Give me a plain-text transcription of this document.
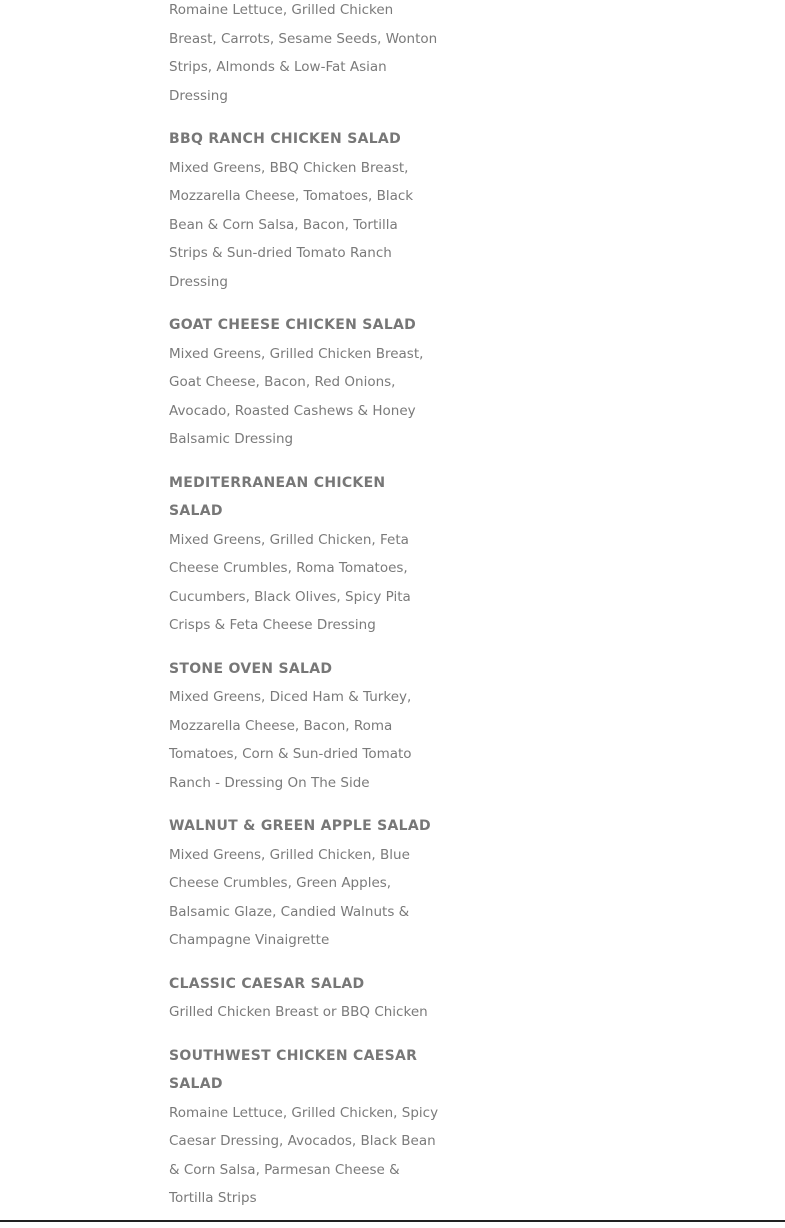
Romaine Lettuce, Grilled Chicken Breast, Carrots, Sesame Seeds, Wonton Strips, Almonds & Low-Fat Asian Dressing

BBQ RANCH CHICKEN SALAD

Mixed Greens, BBQ Chicken Breast, Mozzarella Cheese, Tomatoes, Black Bean & Corn Salsa, Bacon, Tortilla Strips & Sun-dried Tomato Ranch Dressing

GOAT CHEESE CHICKEN SALAD

Mixed Greens, Grilled Chicken Breast, Goat Cheese, Bacon, Red Onions, Avocado, Roasted Cashews & Honey Balsamic Dressing

MEDITERRANEAN CHICKEN SALAD

Mixed Greens, Grilled Chicken, Feta Cheese Crumbles, Roma Tomatoes, Cucumbers, Black Olives, Spicy Pita Crisps & Feta Cheese Dressing

STONE OVEN SALAD

Mixed Greens, Diced Ham & Turkey, Mozzarella Cheese, Bacon, Roma Tomatoes, Corn & Sun-dried Tomato Ranch - Dressing On The Side

WALNUT & GREEN APPLE SALAD

Mixed Greens, Grilled Chicken, Blue Cheese Crumbles, Green Apples, Balsamic Glaze, Candied Walnuts & Champagne Vinaigrette

CLASSIC CAESAR SALAD

Grilled Chicken Breast or BBQ Chicken

SOUTHWEST CHICKEN CAESAR SALAD

Romaine Lettuce, Grilled Chicken, Spicy Caesar Dressing, Avocados, Black Bean & Corn Salsa, Parmesan Cheese & Tortilla Strips
